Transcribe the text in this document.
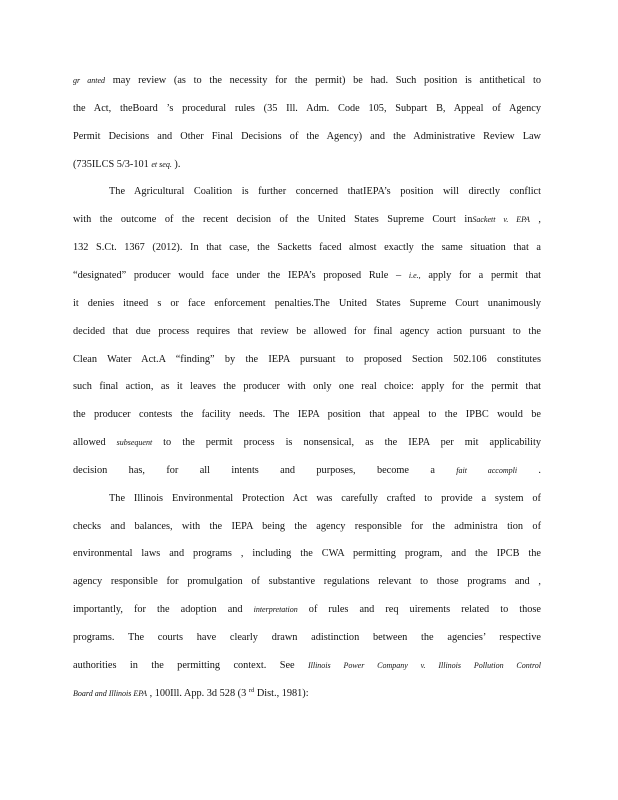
gr anted may review (as to the necessity for the permit) be had. Such position is antithetical to
the Act, theBoard ’s procedural rules (35 Ill. Adm. Code 105, Subpart B, Appeal of Agency
Permit Decisions and Other Final Decisions of the Agency) and the Administrative Review Law
(735ILCS 5/3-101 et seq. ).
The Agricultural Coalition is further concerned thatIEPA’s position will directly conflict
with the outcome of the recent decision of the United States Supreme Court inSackett v. EPA ,
132 S.Ct. 1367 (2012). In that case, the Sacketts faced almost exactly the same situation that a
“designated” producer would face under the IEPA’s proposed Rule – i.e., apply for a permit that
it denies itneed s or face enforcement penalties.The United States Supreme Court unanimously
decided that due process requires that review be allowed for final agency action pursuant to the
Clean Water Act.A “finding” by the IEPA pursuant to proposed Section 502.106 constitutes
such final action, as it leaves the producer with only one real choice: apply for the permit that
the producer contests the facility needs. The IEPA position that appeal to the IPBC would be
allowed subsequent to the permit process is nonsensical, as the IEPA per mit applicability
decision has, for all intents and purposes, become a fait accompli .
The Illinois Environmental Protection Act was carefully crafted to provide a system of
checks and balances, with the IEPA being the agency responsible for the administra tion of
environmental laws and programs , including the CWA permitting program, and the IPCB the
agency responsible for promulgation of substantive regulations relevant to those programs and ,
importantly, for the adoption and interpretation of rules and req uirements related to those
programs. The courts have clearly drawn adistinction between the agencies’ respective
authorities in the permitting context. See Illinois Power Company v. Illinois Pollution Control
Board and Illinois EPA , 100Ill. App. 3d 528 (3 $^{rd}$ Dist., 1981):
